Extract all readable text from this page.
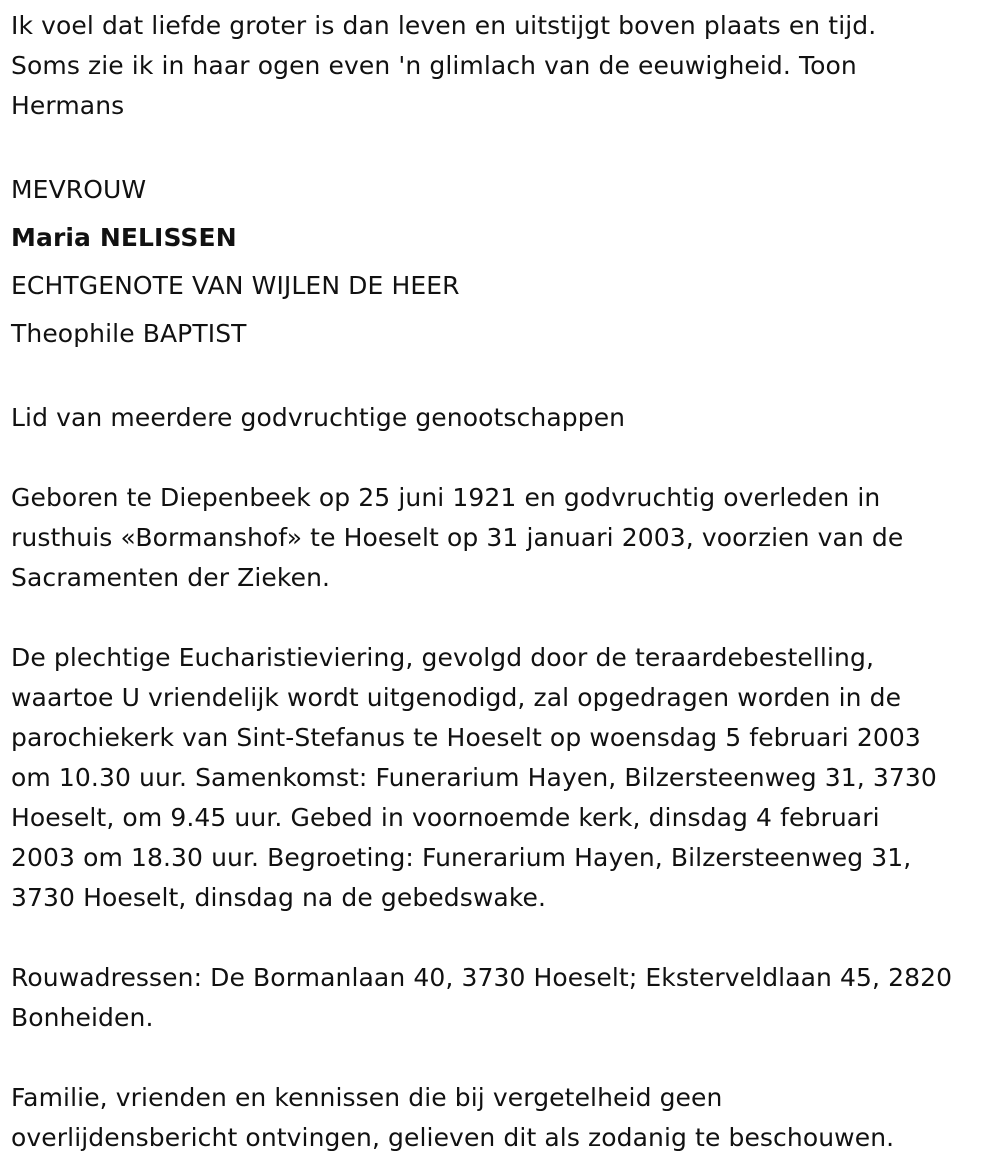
Ik voel dat liefde groter is dan leven en uitstijgt boven plaats en tijd.

Soms zie ik in haar ogen even 'n glimlach van de eeuwigheid. Toon

Hermans

MEVROUW

Maria NELISSEN

ECHTGENOTE VAN WIJLEN DE HEER

Theophile BAPTIST

Lid van meerdere godvruchtige genootschappen

Geboren te Diepenbeek op 25 juni 1921 en godvruchtig overleden in

rusthuis «Bormanshof» te Hoeselt op 31 januari 2003, voorzien van de

Sacramenten der Zieken.

De plechtige Eucharistieviering, gevolgd door de teraardebestelling,

waartoe U vriendelijk wordt uitgenodigd, zal opgedragen worden in de

parochiekerk van Sint-Stefanus te Hoeselt op woensdag 5 februari 2003

om 10.30 uur. Samenkomst: Funerarium Hayen, Bilzersteenweg 31, 3730

Hoeselt, om 9.45 uur. Gebed in voornoemde kerk, dinsdag 4 februari

2003 om 18.30 uur. Begroeting: Funerarium Hayen, Bilzersteenweg 31,

3730 Hoeselt, dinsdag na de gebedswake.

Rouwadressen: De Bormanlaan 40, 3730 Hoeselt; Eksterveldlaan 45, 2820

Bonheiden.

Familie, vrienden en kennissen die bij vergetelheid geen

overlijdensbericht ontvingen, gelieven dit als zodanig te beschouwen.
